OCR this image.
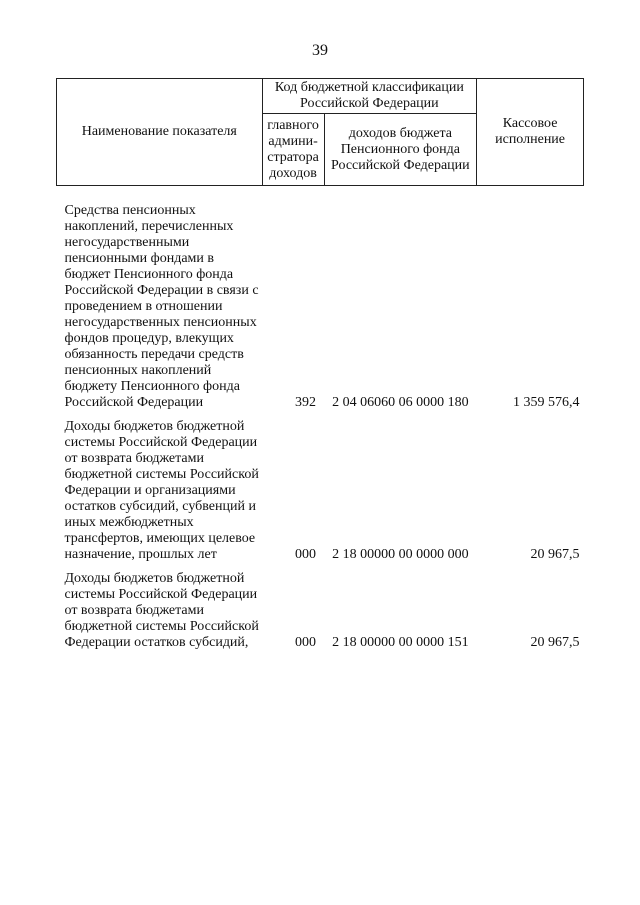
39
Наименование показателя	Код бюджетной классификации Российской Федерации		Кассовое исполнение
	главного админи-стратора доходов	доходов бюджета Пенсионного фонда Российской Федерации	
Средства пенсионных накоплений, перечисленных негосударственными пенсионными фондами в бюджет Пенсионного фонда Российской Федерации в связи с проведением в отношении негосударственных пенсионных фондов процедур, влекущих обязанность передачи средств пенсионных накоплений бюджету Пенсионного фонда Российской Федерации	392	2 04 06060 06 0000 180	1 359 576,4
Доходы бюджетов бюджетной системы Российской Федерации от возврата бюджетами бюджетной системы Российской Федерации и организациями остатков субсидий, субвенций и иных межбюджетных трансфертов, имеющих целевое назначение, прошлых лет	000	2 18 00000 00 0000 000	20 967,5
Доходы бюджетов бюджетной системы Российской Федерации от возврата бюджетами бюджетной системы Российской Федерации остатков субсидий,	000	2 18 00000 00 0000 151	20 967,5
